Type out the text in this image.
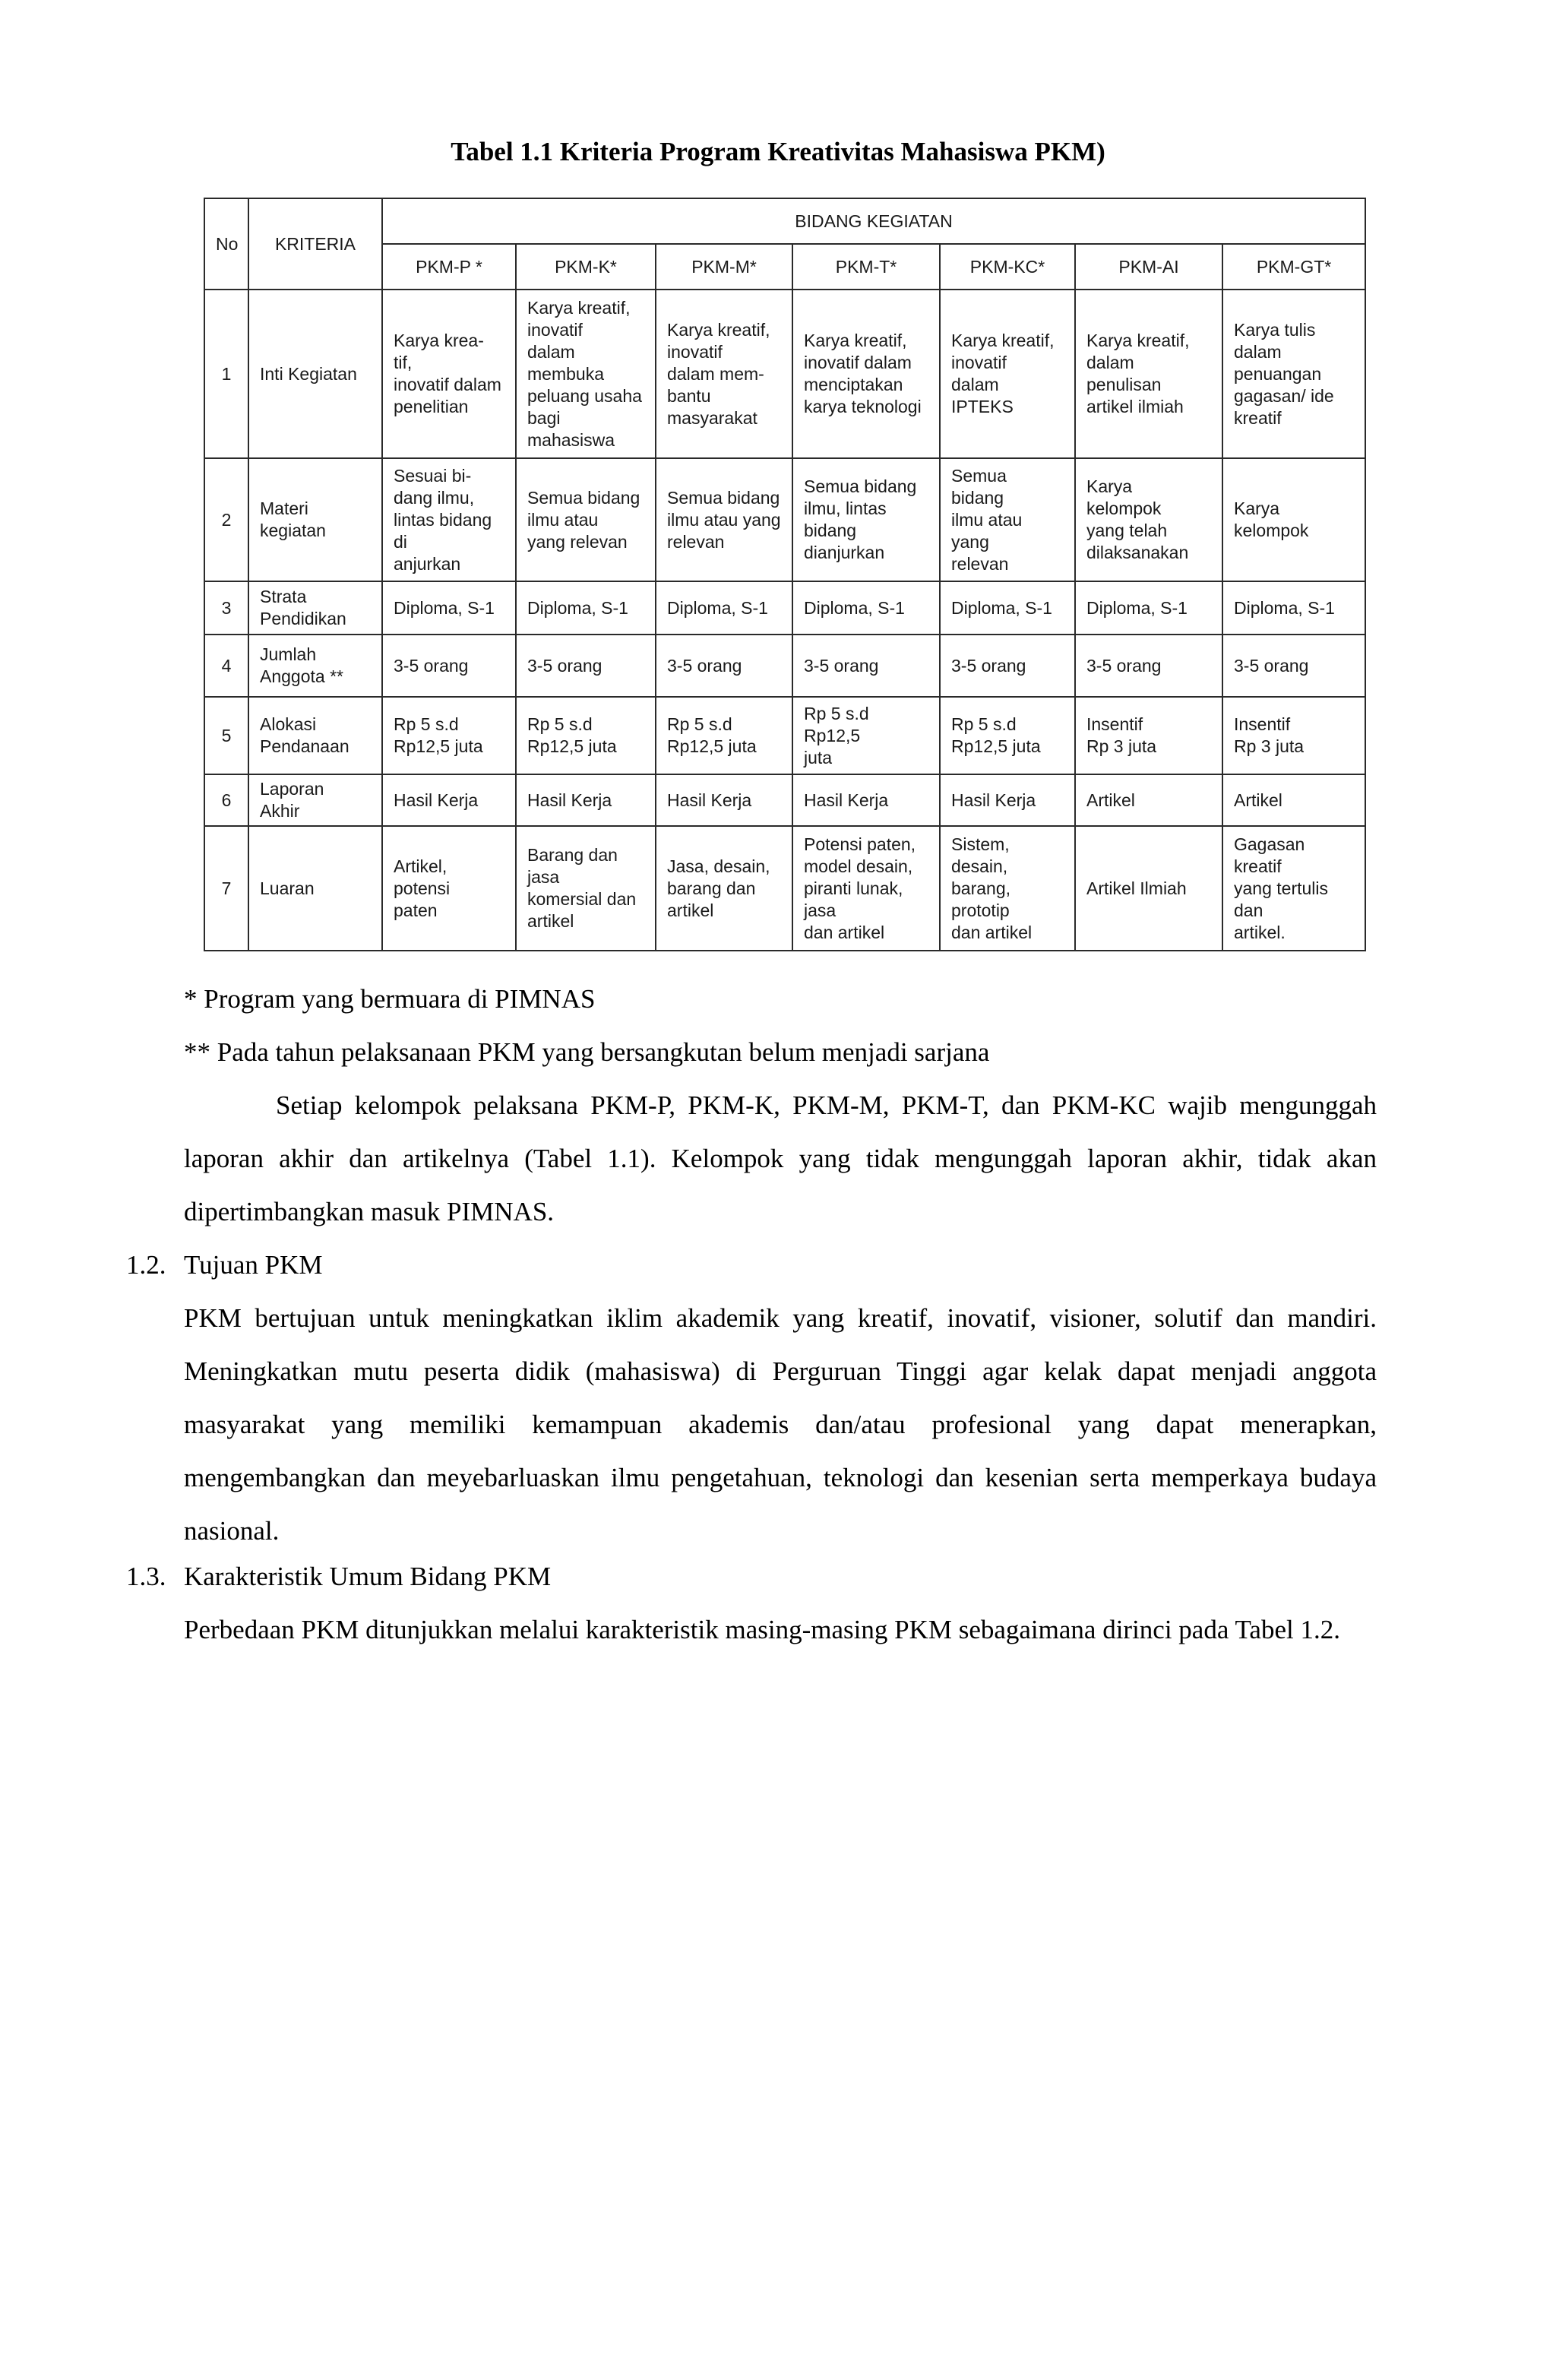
Tabel 1.1 Kriteria Program Kreativitas Mahasiswa PKM)
No	KRITERIA	BIDANG KEGIATAN						
		PKM-P *	PKM-K*	PKM-M*	PKM-T*	PKM-KC*	PKM-AI	PKM-GT*
1	Inti Kegiatan	Karya krea- tif,
inovatif dalam
penelitian	Karya kreatif,
inovatif
dalam membuka
peluang usaha
bagi mahasiswa	Karya kreatif,
inovatif
dalam mem-
bantu
masyarakat	Karya kreatif,
inovatif dalam
menciptakan
karya teknologi	Karya kreatif,
inovatif
dalam
IPTEKS	Karya kreatif,
dalam penulisan
artikel ilmiah	Karya tulis dalam
penuangan
gagasan/ ide
kreatif
2	Materi kegiatan	Sesuai bi-
dang ilmu,
lintas bidang di
anjurkan	Semua bidang
ilmu atau
yang relevan	Semua bidang
ilmu atau yang
relevan	Semua bidang
ilmu, lintas
bidang dianjurkan	Semua bidang
ilmu atau yang
relevan	Karya kelompok
yang telah
dilaksanakan	Karya kelompok
3	Strata
Pendidikan	Diploma, S-1	Diploma, S-1	Diploma, S-1	Diploma, S-1	Diploma, S-1	Diploma, S-1	Diploma, S-1
4	Jumlah
Anggota **	3-5 orang	3-5 orang	3-5 orang	3-5 orang	3-5 orang	3-5 orang	3-5 orang
5	Alokasi
Pendanaan	Rp 5 s.d
Rp12,5 juta	Rp 5 s.d
Rp12,5 juta	Rp 5 s.d
Rp12,5 juta	Rp 5 s.d Rp12,5
juta	Rp 5 s.d
Rp12,5 juta	Insentif
Rp 3 juta	Insentif
Rp 3 juta
6	Laporan
Akhir	Hasil Kerja	Hasil Kerja	Hasil Kerja	Hasil Kerja	Hasil Kerja	Artikel	Artikel
7	Luaran	Artikel, potensi
paten	Barang dan jasa
komersial dan
artikel	Jasa, desain,
barang dan
artikel	Potensi paten,
model desain,
piranti lunak, jasa
dan artikel	Sistem, desain,
barang, prototip
dan artikel	Artikel Ilmiah	Gagasan kreatif
yang tertulis dan
artikel.

* Program yang bermuara di PIMNAS

** Pada tahun pelaksanaan PKM yang bersangkutan belum menjadi sarjana

Setiap kelompok pelaksana PKM-P, PKM-K, PKM-M, PKM-T, dan PKM-KC wajib mengunggah laporan akhir dan artikelnya (Tabel 1.1). Kelompok yang tidak mengunggah laporan akhir, tidak akan dipertimbangkan masuk PIMNAS.

1.2. Tujuan PKM

PKM bertujuan untuk meningkatkan iklim akademik yang kreatif, inovatif, visioner, solutif dan mandiri. Meningkatkan mutu peserta didik (mahasiswa) di Perguruan Tinggi agar kelak dapat menjadi anggota masyarakat yang memiliki kemampuan akademis dan/atau profesional yang dapat menerapkan, mengembangkan dan meyebarluaskan ilmu pengetahuan, teknologi dan kesenian serta memperkaya budaya nasional.

1.3. Karakteristik Umum Bidang PKM

Perbedaan PKM ditunjukkan melalui karakteristik masing-masing PKM sebagaimana dirinci pada Tabel 1.2.
